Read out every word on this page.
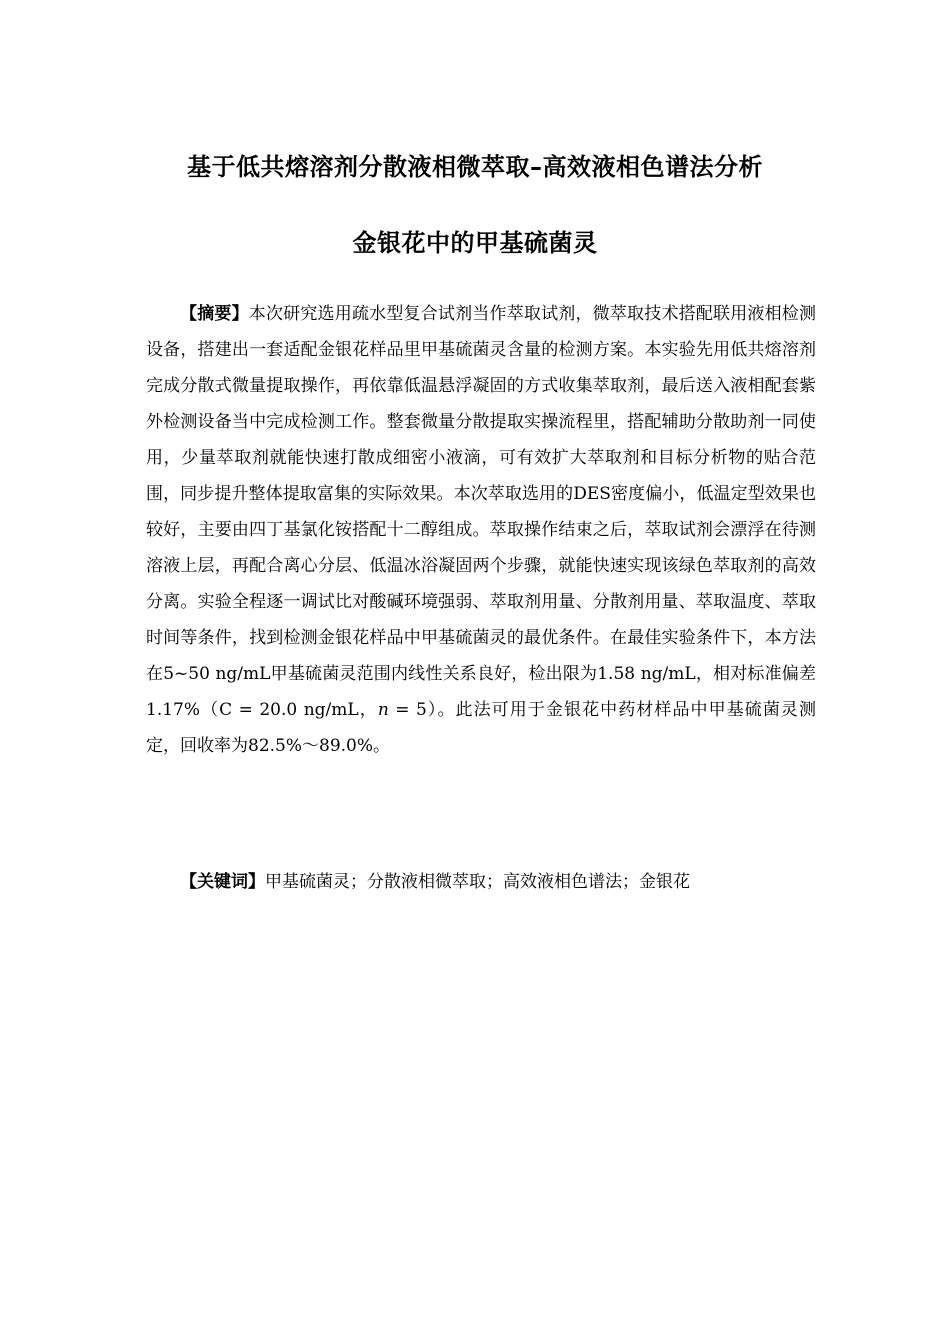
基于低共熔溶剂分散液相微萃取–高效液相色谱法分析
金银花中的甲基硫菌灵

【摘要】本次研究选用疏水型复合试剂当作萃取试剂，微萃取技术搭配联用液相检测设备，搭建出一套适配金银花样品里甲基硫菌灵含量的检测方案。本实验先用低共熔溶剂完成分散式微量提取操作，再依靠低温悬浮凝固的方式收集萃取剂，最后送入液相配套紫外检测设备当中完成检测工作。整套微量分散提取实操流程里，搭配辅助分散助剂一同使用，少量萃取剂就能快速打散成细密小液滴，可有效扩大萃取剂和目标分析物的贴合范围，同步提升整体提取富集的实际效果。本次萃取选用的DES密度偏小，低温定型效果也较好，主要由四丁基氯化铵搭配十二醇组成。萃取操作结束之后，萃取试剂会漂浮在待测溶液上层，再配合离心分层、低温冰浴凝固两个步骤，就能快速实现该绿色萃取剂的高效分离。实验全程逐一调试比对酸碱环境强弱、萃取剂用量、分散剂用量、萃取温度、萃取时间等条件，找到检测金银花样品中甲基硫菌灵的最优条件。在最佳实验条件下，本方法在5~50 ng/mL甲基硫菌灵范围内线性关系良好，检出限为1.58 ng/mL，相对标准偏差1.17%（C = 20.0 ng/mL，n = 5）。此法可用于金银花中药材样品中甲基硫菌灵测定，回收率为82.5%～89.0%。

【关键词】甲基硫菌灵；分散液相微萃取；高效液相色谱法；金银花
